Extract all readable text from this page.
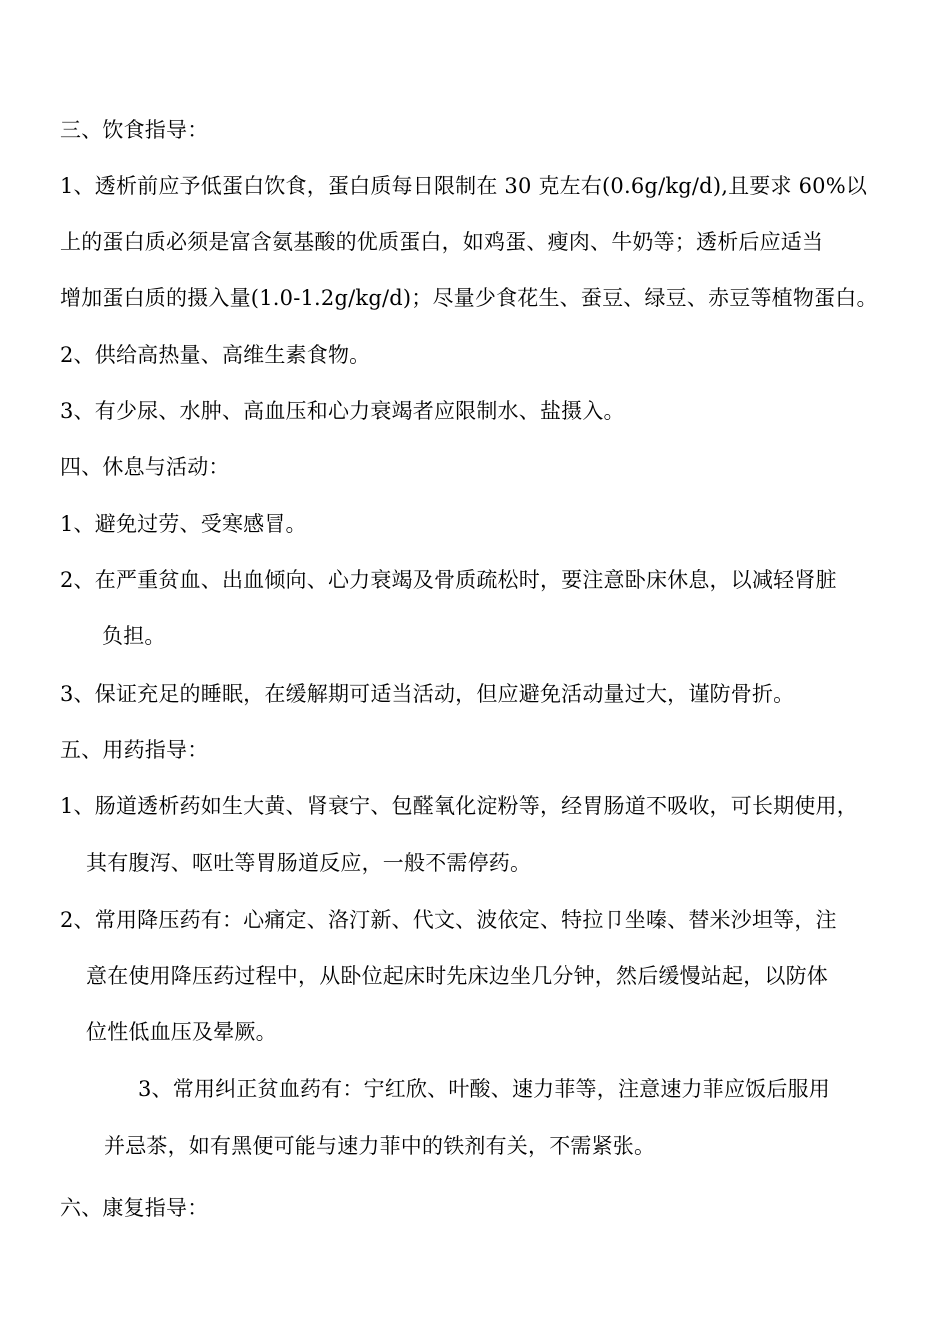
三、饮食指导：
1、透析前应予低蛋白饮食，蛋白质每日限制在 30 克左右(0.6g/kg/d),且要求 60%以
上的蛋白质必须是富含氨基酸的优质蛋白，如鸡蛋、瘦肉、牛奶等；透析后应适当
增加蛋白质的摄入量(1.0-1.2g/kg/d)；尽量少食花生、蚕豆、绿豆、赤豆等植物蛋白。
2、供给高热量、高维生素食物。
3、有少尿、水肿、高血压和心力衰竭者应限制水、盐摄入。
四、休息与活动：
1、避免过劳、受寒感冒。
2、在严重贫血、出血倾向、心力衰竭及骨质疏松时，要注意卧床休息，以减轻肾脏
负担。
3、保证充足的睡眠，在缓解期可适当活动，但应避免活动量过大，谨防骨折。
五、用药指导：
1、肠道透析药如生大黄、肾衰宁、包醛氧化淀粉等，经胃肠道不吸收，可长期使用，
其有腹泻、呕吐等胃肠道反应，一般不需停药。
2、常用降压药有：心痛定、洛汀新、代文、波依定、特拉卩坐嗪、替米沙坦等，注
意在使用降压药过程中，从卧位起床时先床边坐几分钟，然后缓慢站起，以防体
位性低血压及晕厥。
3、常用纠正贫血药有：宁红欣、叶酸、速力菲等，注意速力菲应饭后服用
并忌茶，如有黑便可能与速力菲中的铁剂有关，不需紧张。
六、康复指导：
